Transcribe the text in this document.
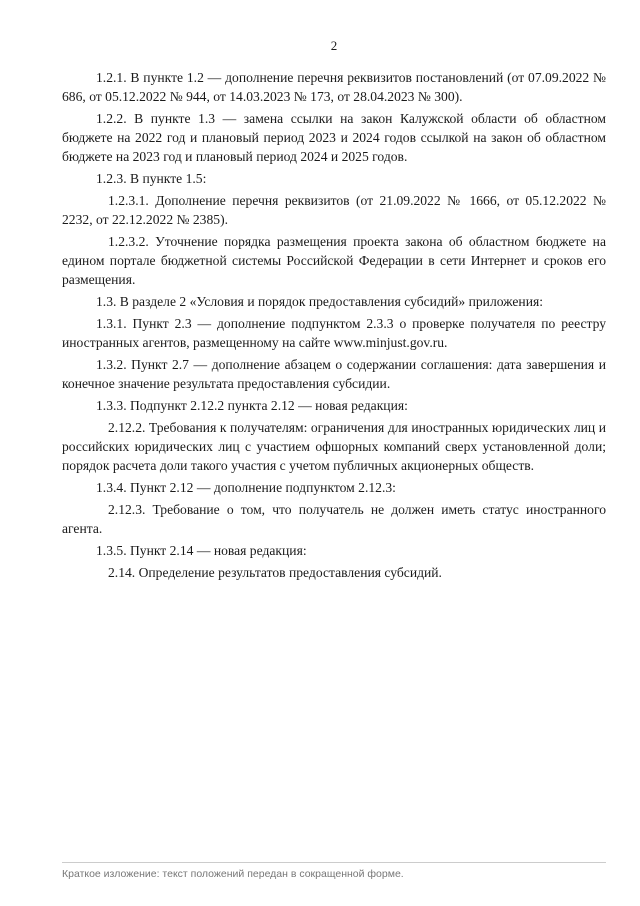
2

1.2.1. В пункте 1.2 — дополнение перечня реквизитов постановлений (от 07.09.2022 № 686, от 05.12.2022 № 944, от 14.03.2023 № 173, от 28.04.2023 № 300).

1.2.2. В пункте 1.3 — замена ссылки на закон Калужской области об областном бюджете на 2022 год и плановый период 2023 и 2024 годов ссылкой на закон об областном бюджете на 2023 год и плановый период 2024 и 2025 годов.

1.2.3. В пункте 1.5:

1.2.3.1. Дополнение перечня реквизитов (от 21.09.2022 № 1666, от 05.12.2022 № 2232, от 22.12.2022 № 2385).

1.2.3.2. Уточнение порядка размещения проекта закона об областном бюджете на едином портале бюджетной системы Российской Федерации в сети Интернет и сроков его размещения.

1.3. В разделе 2 «Условия и порядок предоставления субсидий» приложения:

1.3.1. Пункт 2.3 — дополнение подпунктом 2.3.3 о проверке получателя по реестру иностранных агентов, размещенному на сайте www.minjust.gov.ru.

1.3.2. Пункт 2.7 — дополнение абзацем о содержании соглашения: дата завершения и конечное значение результата предоставления субсидии.

1.3.3. Подпункт 2.12.2 пункта 2.12 — новая редакция:

2.12.2. Требования к получателям: ограничения для иностранных юридических лиц и российских юридических лиц с участием офшорных компаний сверх установленной доли; порядок расчета доли такого участия с учетом публичных акционерных обществ.

1.3.4. Пункт 2.12 — дополнение подпунктом 2.12.3:

2.12.3. Требование о том, что получатель не должен иметь статус иностранного агента.

1.3.5. Пункт 2.14 — новая редакция:

2.14. Определение результатов предоставления субсидий.

Краткое изложение: текст положений передан в сокращенной форме.
